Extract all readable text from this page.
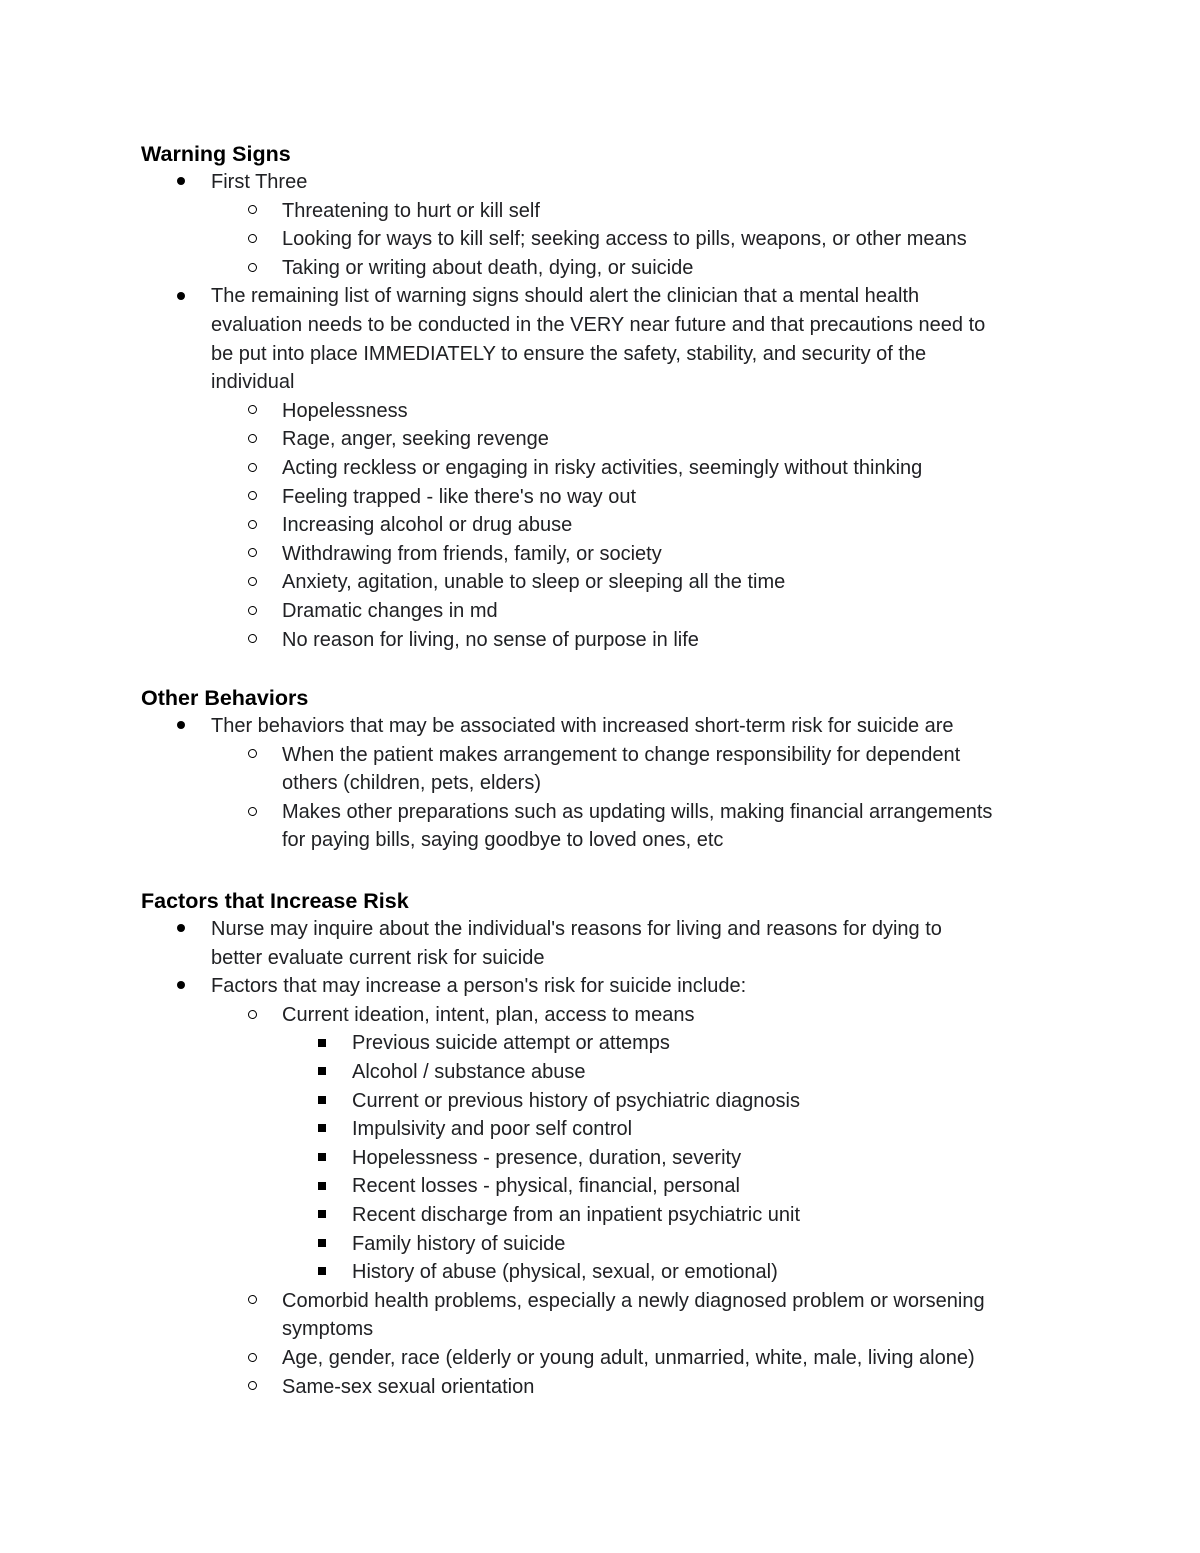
Warning Signs
First Three
Threatening to hurt or kill self
Looking for ways to kill self; seeking access to pills, weapons, or other means
Taking or writing about death, dying, or suicide
The remaining list of warning signs should alert the clinician that a mental health
evaluation needs to be conducted in the VERY near future and that precautions need to
be put into place IMMEDIATELY to ensure the safety, stability, and security of the
individual
Hopelessness
Rage, anger, seeking revenge
Acting reckless or engaging in risky activities, seemingly without thinking
Feeling trapped - like there's no way out
Increasing alcohol or drug abuse
Withdrawing from friends, family, or society
Anxiety, agitation, unable to sleep or sleeping all the time
Dramatic changes in md
No reason for living, no sense of purpose in life
Other Behaviors
Ther behaviors that may be associated with increased short-term risk for suicide are
When the patient makes arrangement to change responsibility for dependent
others (children, pets, elders)
Makes other preparations such as updating wills, making financial arrangements
for paying bills, saying goodbye to loved ones, etc
Factors that Increase Risk
Nurse may inquire about the individual's reasons for living and reasons for dying to
better evaluate current risk for suicide
Factors that may increase a person's risk for suicide include:
Current ideation, intent, plan, access to means
Previous suicide attempt or attemps
Alcohol / substance abuse
Current or previous history of psychiatric diagnosis
Impulsivity and poor self control
Hopelessness - presence, duration, severity
Recent losses - physical, financial, personal
Recent discharge from an inpatient psychiatric unit
Family history of suicide
History of abuse (physical, sexual, or emotional)
Comorbid health problems, especially a newly diagnosed problem or worsening
symptoms
Age, gender, race (elderly or young adult, unmarried, white, male, living alone)
Same-sex sexual orientation
